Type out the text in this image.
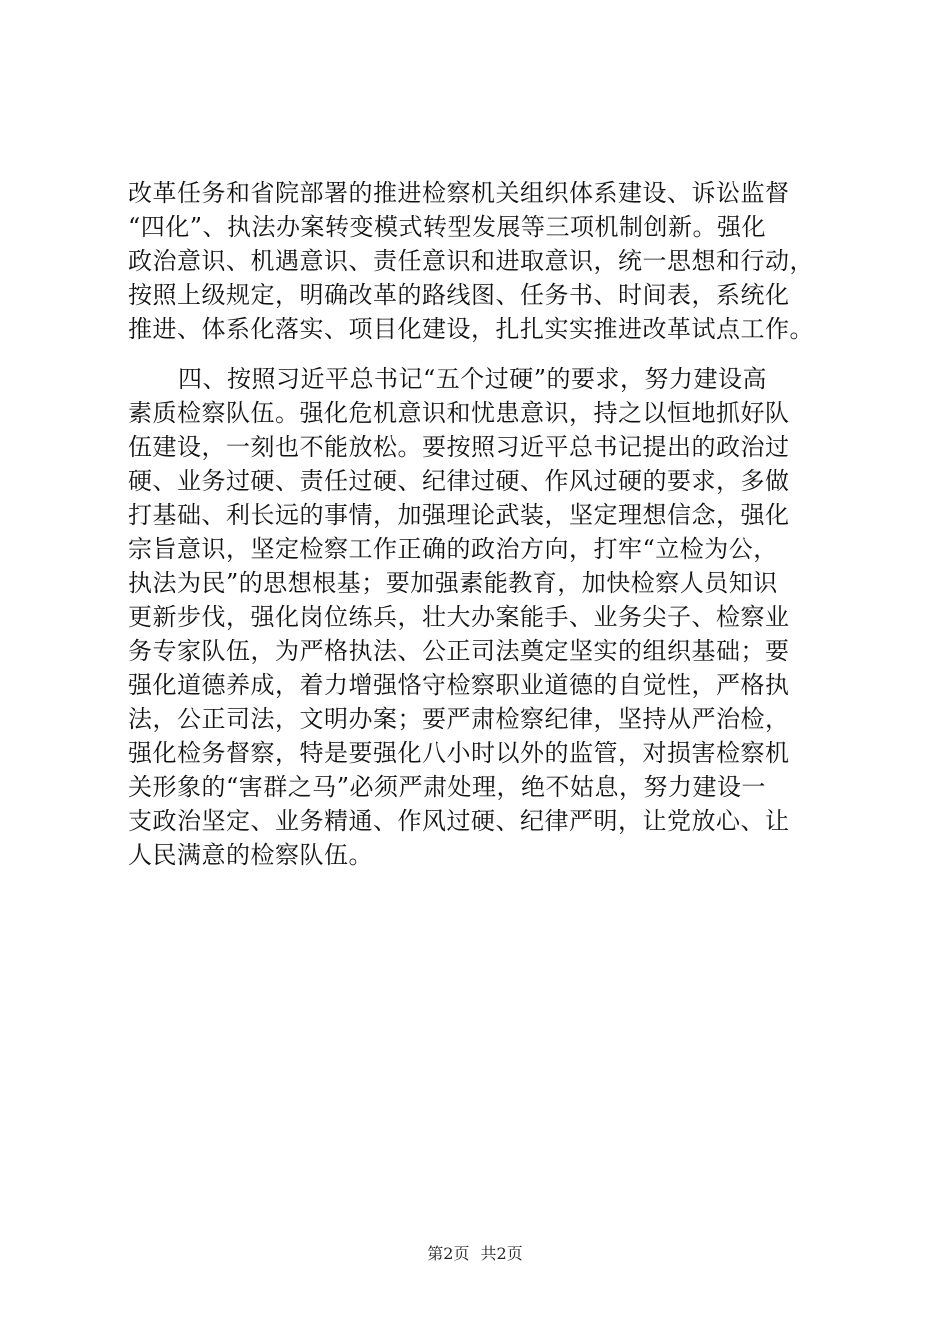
改革任务和省院部署的推进检察机关组织体系建设、诉讼监督
“四化”、执法办案转变模式转型发展等三项机制创新。强化
政治意识、机遇意识、责任意识和进取意识，统一思想和行动，
按照上级规定，明确改革的路线图、任务书、时间表，系统化
推进、体系化落实、项目化建设，扎扎实实推进改革试点工作。
四、按照习近平总书记“五个过硬”的要求，努力建设高
素质检察队伍。强化危机意识和忧患意识，持之以恒地抓好队
伍建设，一刻也不能放松。要按照习近平总书记提出的政治过
硬、业务过硬、责任过硬、纪律过硬、作风过硬的要求，多做
打基础、利长远的事情，加强理论武装，坚定理想信念，强化
宗旨意识，坚定检察工作正确的政治方向，打牢“立检为公，
执法为民”的思想根基；要加强素能教育，加快检察人员知识
更新步伐，强化岗位练兵，壮大办案能手、业务尖子、检察业
务专家队伍，为严格执法、公正司法奠定坚实的组织基础；要
强化道德养成，着力增强恪守检察职业道德的自觉性，严格执
法，公正司法，文明办案；要严肃检察纪律，坚持从严治检，
强化检务督察，特是要强化八小时以外的监管，对损害检察机
关形象的“害群之马”必须严肃处理，绝不姑息，努力建设一
支政治坚定、业务精通、作风过硬、纪律严明，让党放心、让
人民满意的检察队伍。
第2页 共2页
